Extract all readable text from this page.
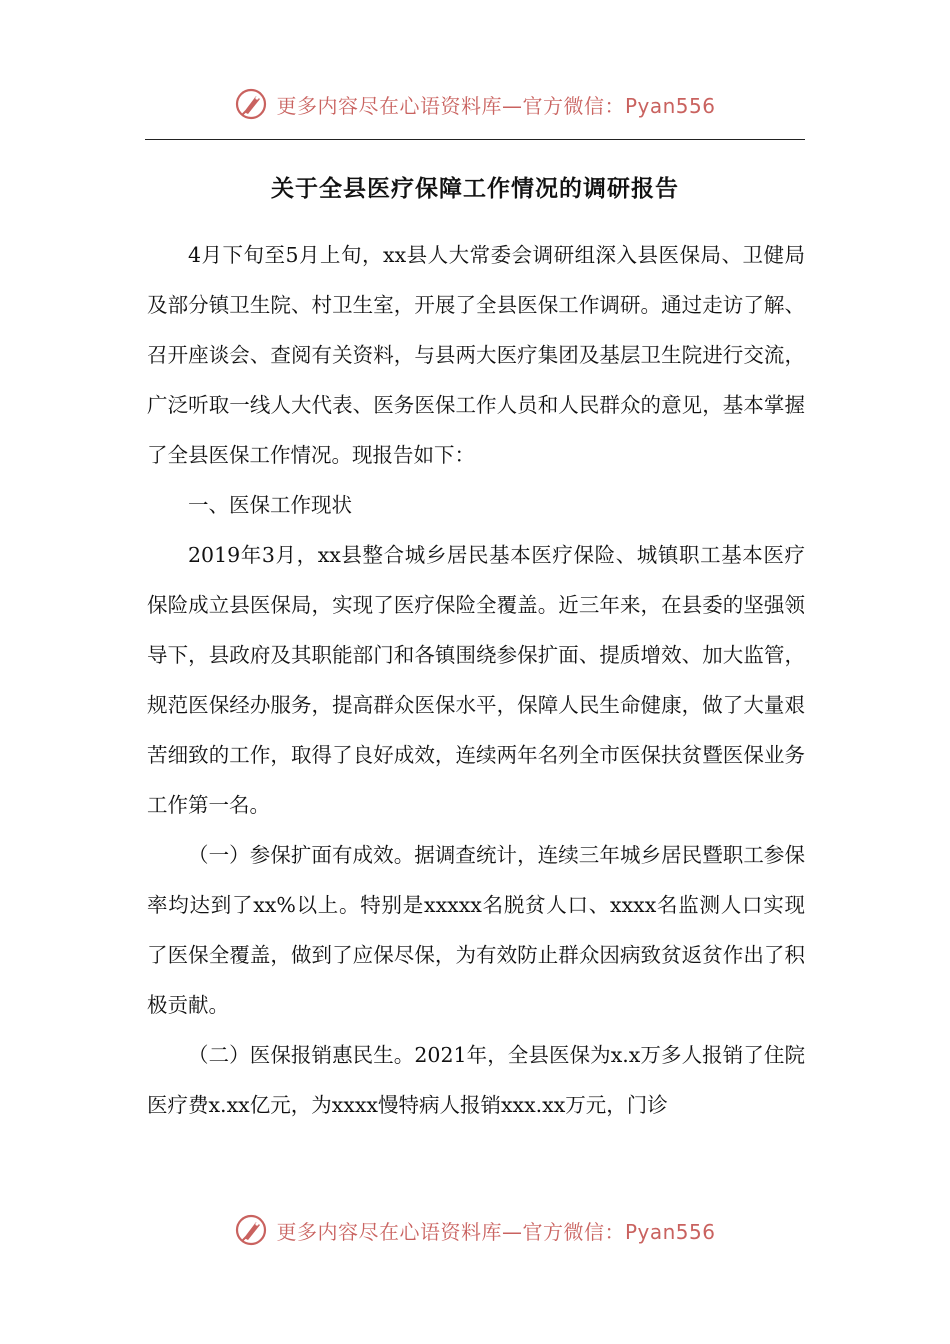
更多内容尽在心语资料库—官方微信：Pyan556
关于全县医疗保障工作情况的调研报告

4月下旬至5月上旬，xx县人大常委会调研组深入县医保局、卫健局及部分镇卫生院、村卫生室，开展了全县医保工作调研。通过走访了解、召开座谈会、查阅有关资料，与县两大医疗集团及基层卫生院进行交流，广泛听取一线人大代表、医务医保工作人员和人民群众的意见，基本掌握了全县医保工作情况。现报告如下：

一、医保工作现状

2019年3月，xx县整合城乡居民基本医疗保险、城镇职工基本医疗保险成立县医保局，实现了医疗保险全覆盖。近三年来，在县委的坚强领导下，县政府及其职能部门和各镇围绕参保扩面、提质增效、加大监管，规范医保经办服务，提高群众医保水平，保障人民生命健康，做了大量艰苦细致的工作，取得了良好成效，连续两年名列全市医保扶贫暨医保业务工作第一名。

（一）参保扩面有成效。据调查统计，连续三年城乡居民暨职工参保率均达到了xx%以上。特别是xxxxx名脱贫人口、xxxx名监测人口实现了医保全覆盖，做到了应保尽保，为有效防止群众因病致贫返贫作出了积极贡献。

（二）医保报销惠民生。2021年，全县医保为x.x万多人报销了住院医疗费x.xx亿元，为xxxx慢特病人报销xxx.xx万元，门诊

更多内容尽在心语资料库—官方微信：Pyan556
